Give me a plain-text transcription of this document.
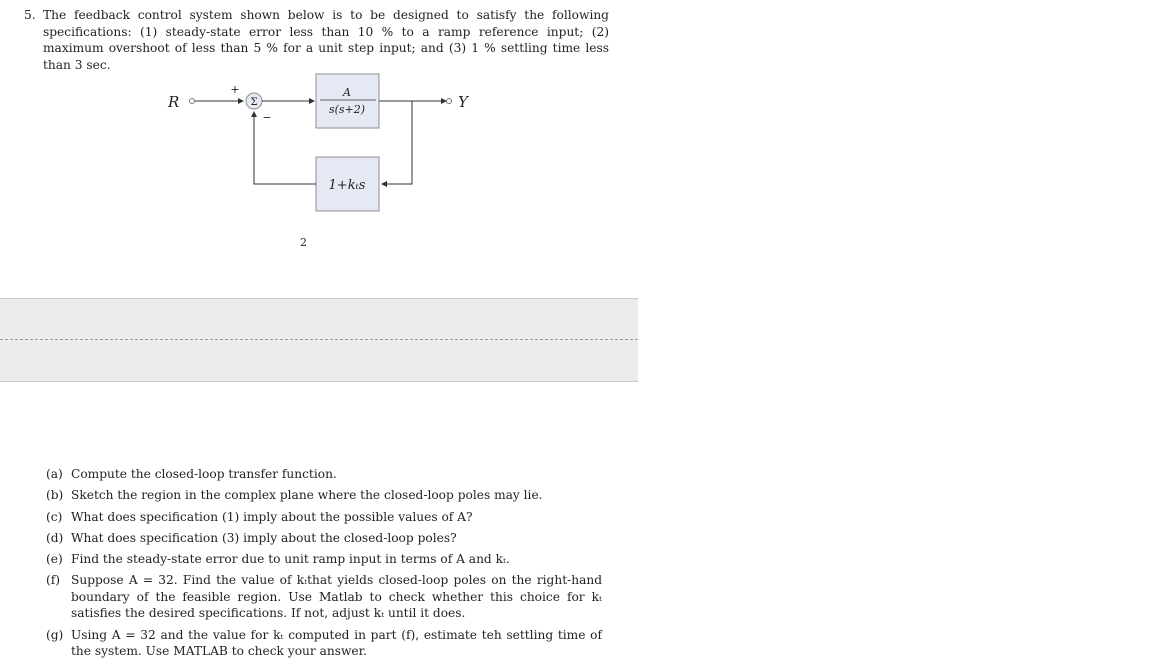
5. The feedback control system shown below is to be designed to satisfy the following specifications: (1) steady-state error less than 10 % to a ramp reference input; (2) maximum overshoot of less than 5 % for a unit step input; and (3) 1 % settling time less than 3 sec.
R	Σ
+
−
A
s(s+2)	Y
1+kₜs
2
(a) Compute the closed-loop transfer function.
(b) Sketch the region in the complex plane where the closed-loop poles may lie.
(c) What does specification (1) imply about the possible values of A?
(d) What does specification (3) imply about the closed-loop poles?
(e) Find the steady-state error due to unit ramp input in terms of A and kₜ.
(f) Suppose A = 32. Find the value of kₜthat yields closed-loop poles on the right-hand boundary of the feasible region. Use Matlab to check whether this choice for kₜ satisfies the desired specifications. If not, adjust kₜ until it does.
(g) Using A = 32 and the value for kₜ computed in part (f), estimate teh settling time of the system. Use MATLAB to check your answer.
